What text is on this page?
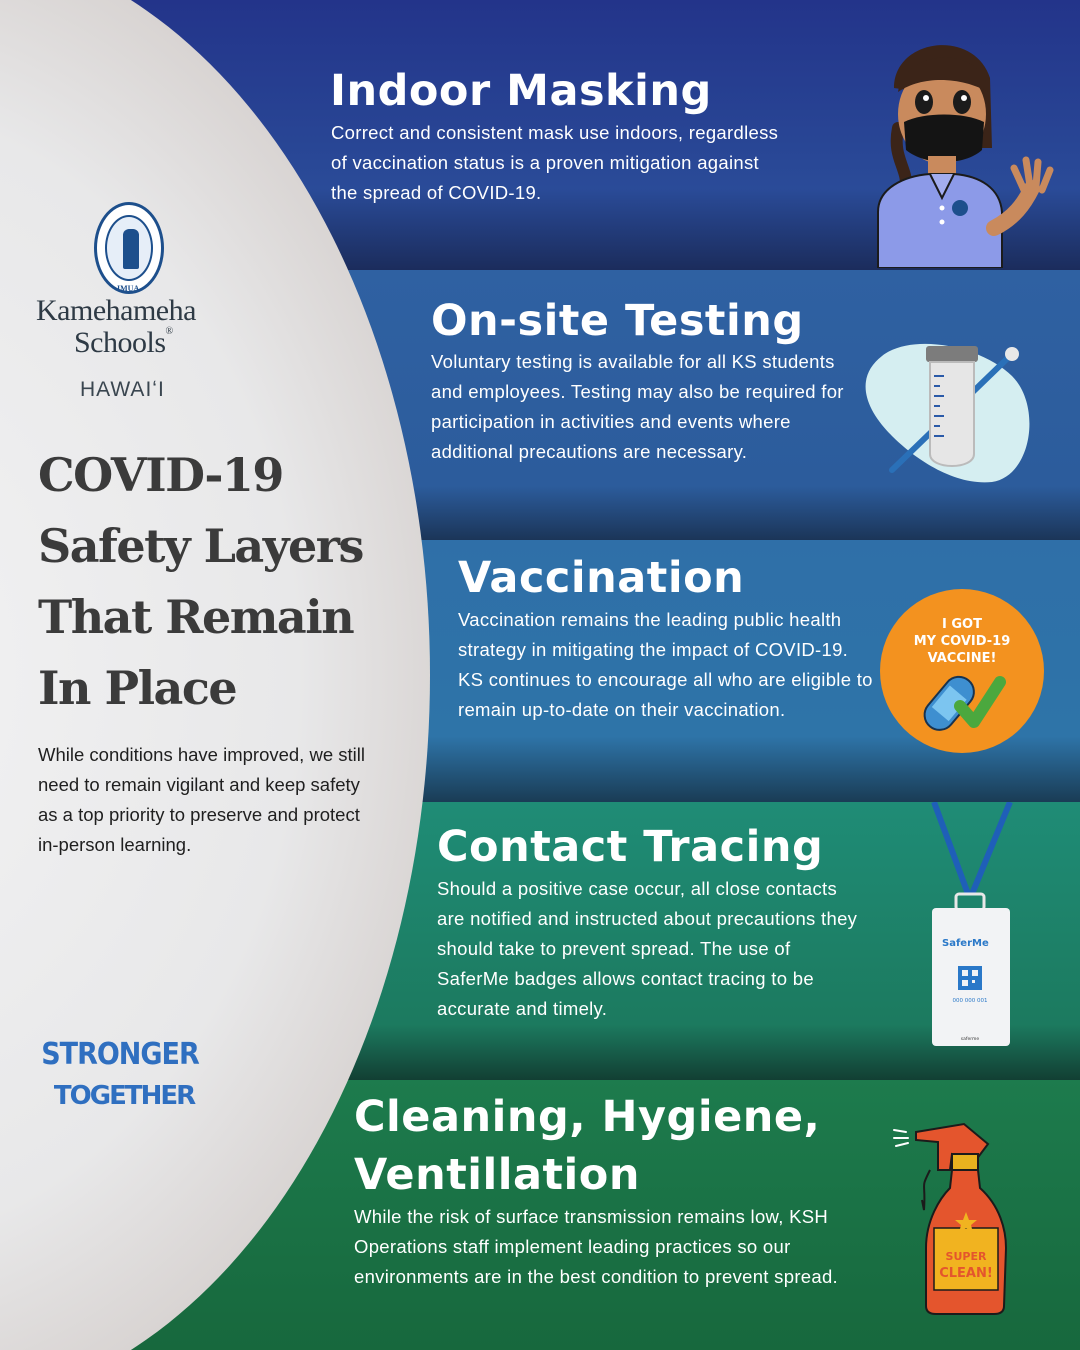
IMUA
Kamehameha
Schools®
HAWAIʻI
COVID-19
Safety Layers
That Remain
In Place

While conditions have improved, we still need to remain vigilant and keep safety as a top priority to preserve and protect in-person learning.

STRONGER
TOGETHER
Indoor Masking

Correct and consistent mask use indoors, regardless of vaccination status is a proven mitigation against the spread of COVID-19.

On-site Testing

Voluntary testing is available for all KS students and employees. Testing may also be required for participation in activities and events where additional precautions are necessary.

Vaccination

Vaccination remains the leading public health strategy in mitigating the impact of COVID-19. KS continues to encourage all who are eligible to remain up-to-date on their vaccination.

I GOT
MY COVID-19
VACCINE!
Contact Tracing

Should a positive case occur, all close contacts are notified and instructed about precautions they should take to prevent spread. The use of SaferMe badges allows contact tracing to be accurate and timely.

SaferMe
000 000 001
saferme
Cleaning, Hygiene,
Ventillation

While the risk of surface transmission remains low, KSH Operations staff implement leading practices so our environments are in the best condition to prevent spread.

SUPER
CLEAN!
